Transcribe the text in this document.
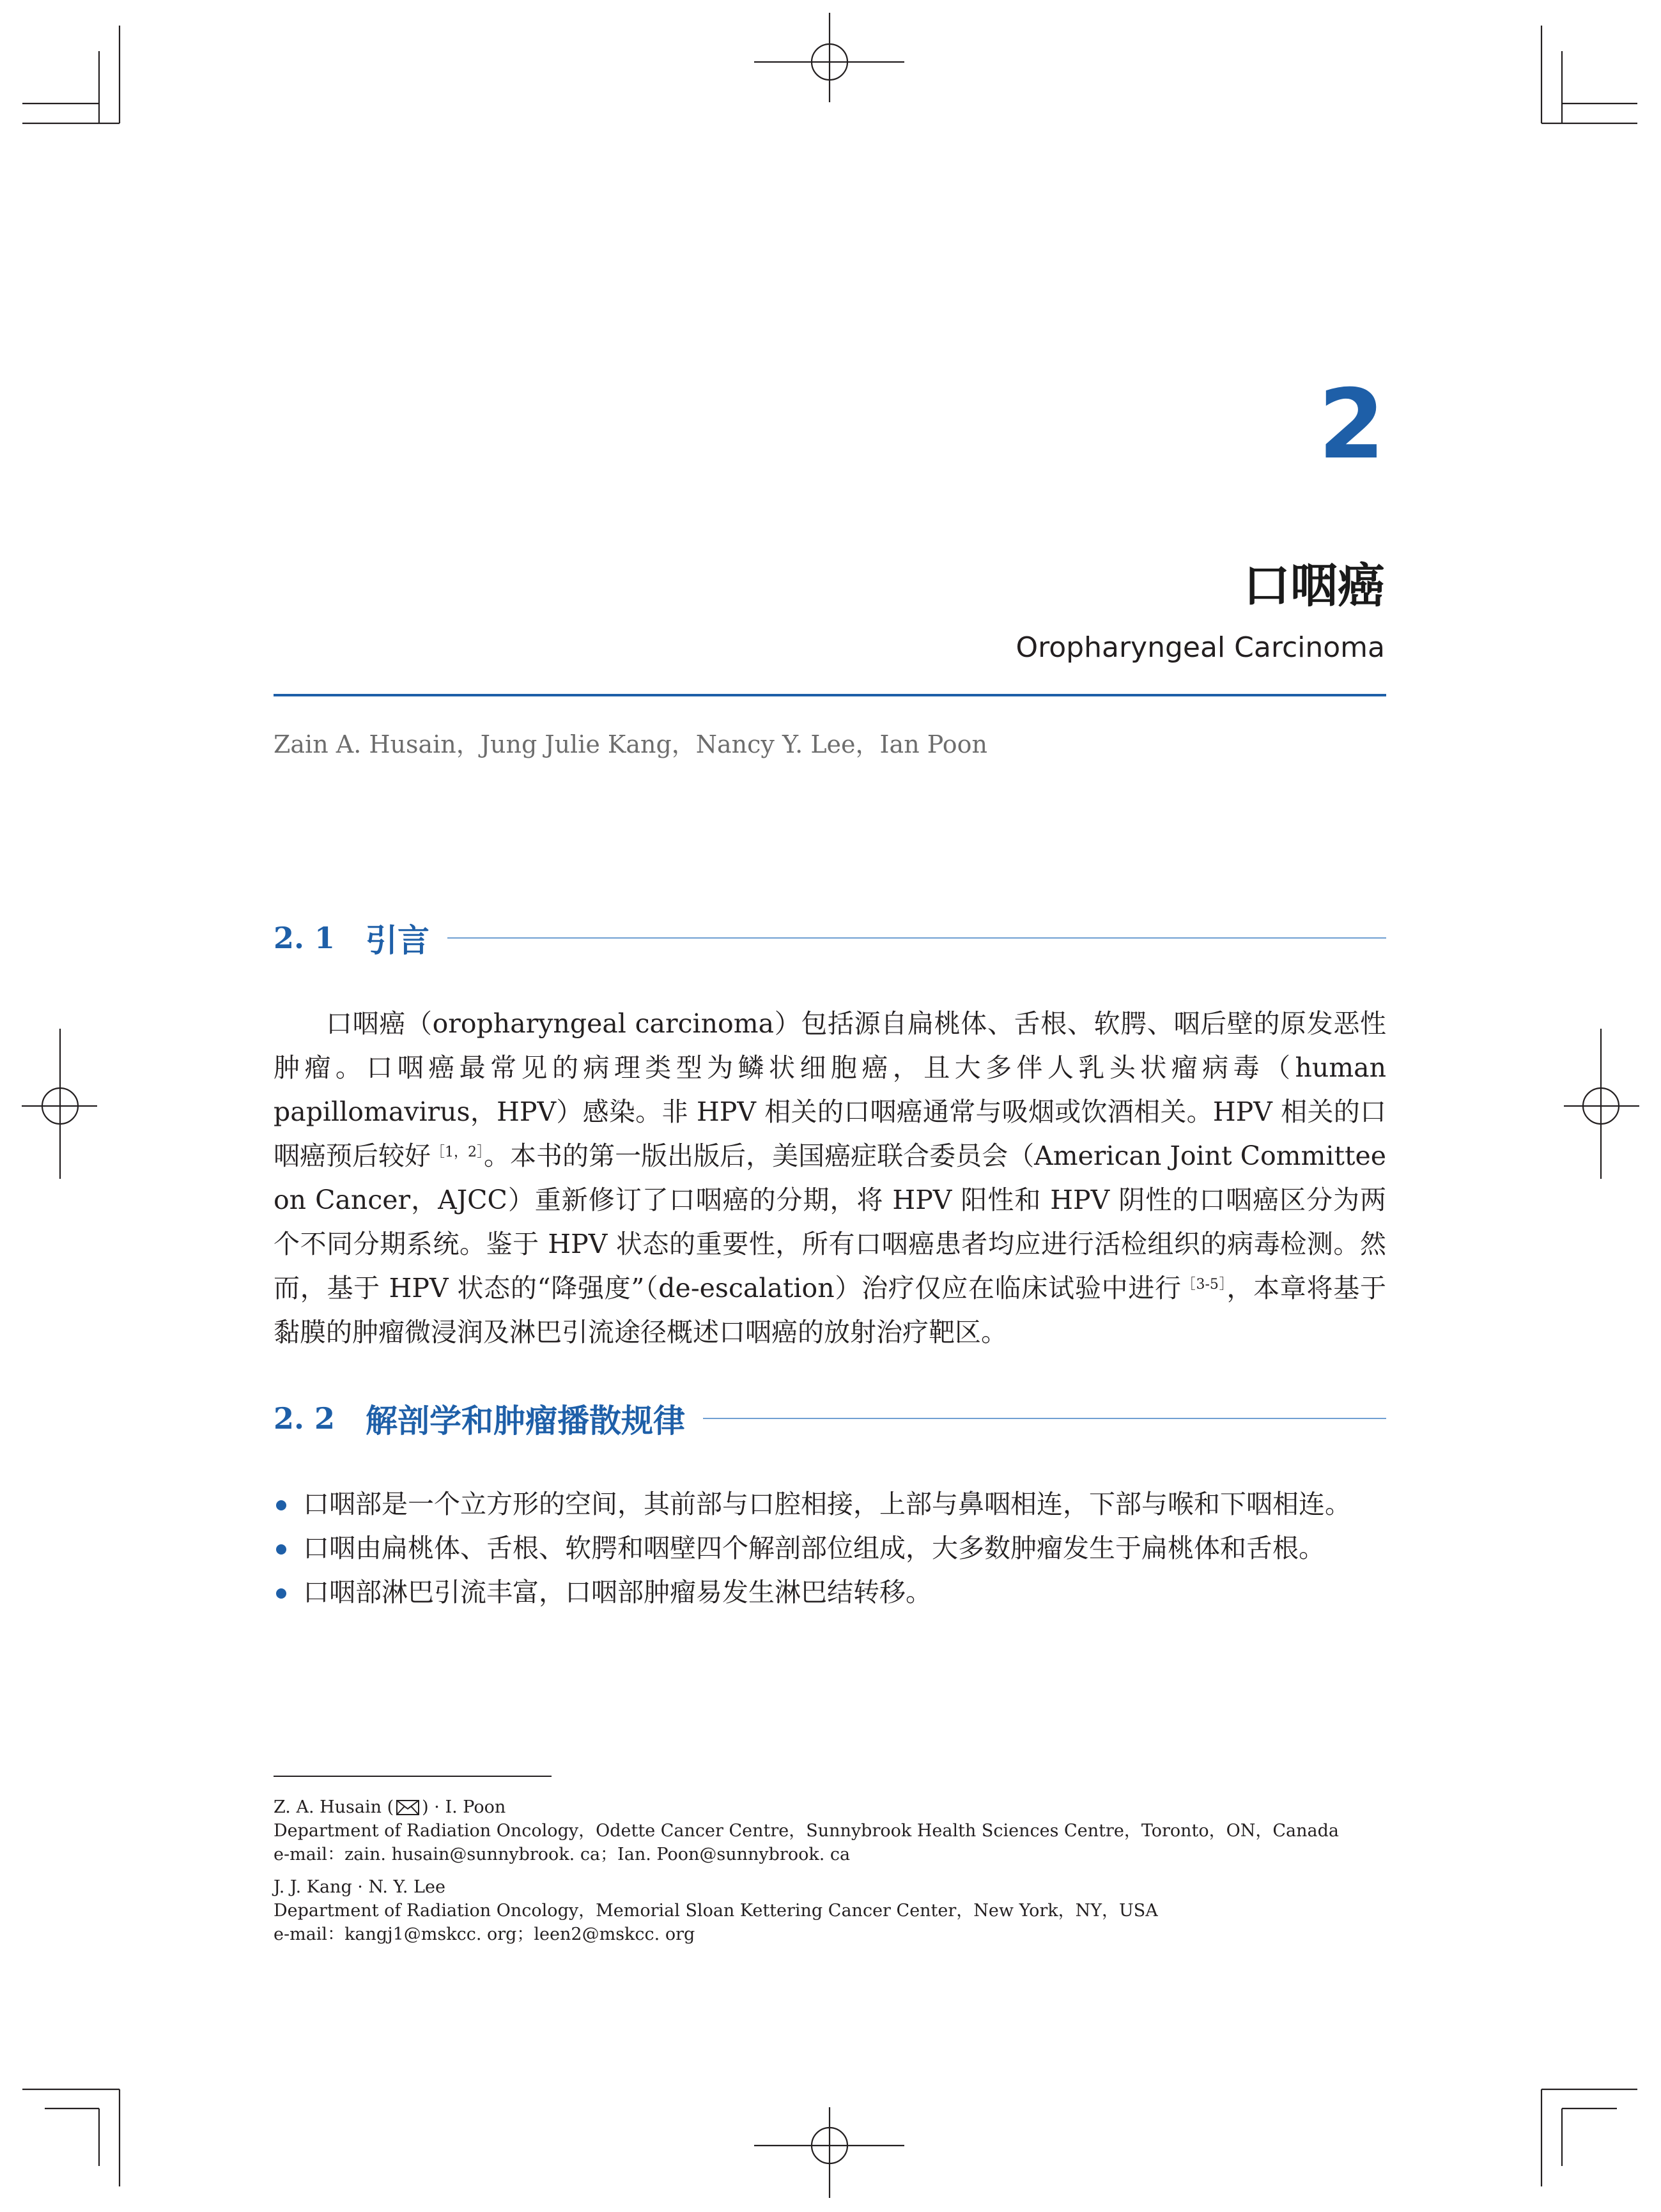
2
口咽癌
Oropharyngeal Carcinoma
Zain A. Husain，Jung Julie Kang，Nancy Y. Lee，Ian Poon
2. 1 引言

口咽癌（oropharyngeal carcinoma）包括源自扁桃体、舌根、软腭、咽后壁的原发恶性肿瘤。口咽癌最常见的病理类型为鳞状细胞癌，且大多伴人乳头状瘤病毒（human papillomavirus，HPV）感染。非 HPV 相关的口咽癌通常与吸烟或饮酒相关。HPV 相关的口咽癌预后较好$^{[1,2]}$。本书的第一版出版后，美国癌症联合委员会（American Joint Committee on Cancer，AJCC）重新修订了口咽癌的分期，将 HPV 阳性和 HPV 阴性的口咽癌区分为两个不同分期系统。鉴于 HPV 状态的重要性，所有口咽癌患者均应进行活检组织的病毒检测。然而，基于 HPV 状态的“降强度”（de-escalation）治疗仅应在临床试验中进行$^{[3-5]}$，本章将基于黏膜的肿瘤微浸润及淋巴引流途径概述口咽癌的放射治疗靶区。

2. 2 解剖学和肿瘤播散规律
口咽部是一个立方形的空间，其前部与口腔相接，上部与鼻咽相连，下部与喉和下咽相连。
口咽由扁桃体、舌根、软腭和咽壁四个解剖部位组成，大多数肿瘤发生于扁桃体和舌根。
口咽部淋巴引流丰富，口咽部肿瘤易发生淋巴结转移。
Z. A. Husain ( ) · I. Poon
Department of Radiation Oncology，Odette Cancer Centre，Sunnybrook Health Sciences Centre，Toronto，ON，Canada
e-mail：zain. husain@sunnybrook. ca；Ian. Poon@sunnybrook. ca
J. J. Kang · N. Y. Lee
Department of Radiation Oncology，Memorial Sloan Kettering Cancer Center，New York，NY，USA
e-mail：kangj1@mskcc. org；leen2@mskcc. org
